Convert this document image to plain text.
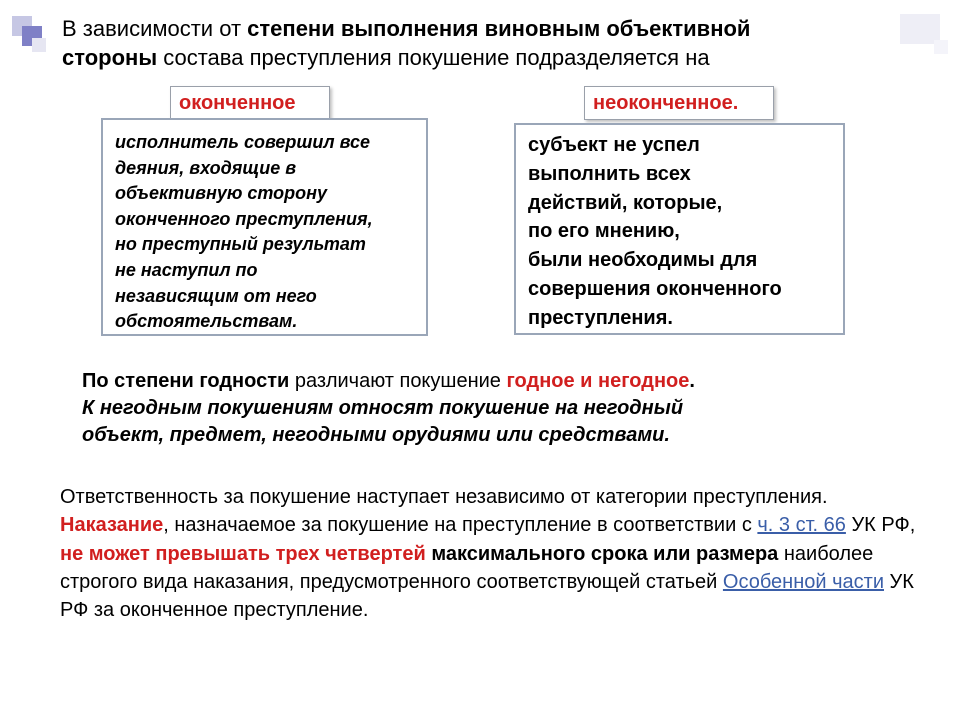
В зависимости от степени выполнения виновным объективной стороны состава преступления покушение подразделяется на
оконченное	неоконченное.
исполнитель совершил все
деяния, входящие в
объективную сторону
оконченного преступления,
но преступный результат
не наступил по
независящим от него
обстоятельствам.
субъект не успел
выполнить всех
действий, которые,
по его мнению,
были необходимы для
совершения оконченного
преступления.
По степени годности различают покушение годное и негодное.
К негодным покушениям относят покушение на негодный
объект, предмет, негодными орудиями или средствами.
Ответственность за покушение наступает независимо от категории преступления.
Наказание, назначаемое за покушение на преступление в соответствии с ч. 3 ст. 66 УК РФ, не может превышать трех четвертей максимального срока или размера наиболее строгого вида наказания, предусмотренного соответствующей статьей Особенной части УК РФ за оконченное преступление.
